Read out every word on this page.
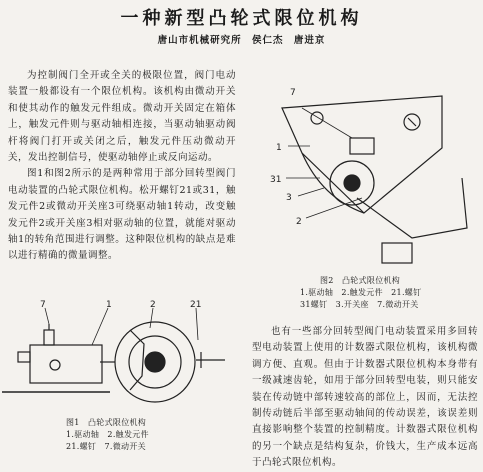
一种新型凸轮式限位机构
唐山市机械研究所 侯仁杰 唐进京

为控制阀门全开或全关的极限位置，阀门电动装置一般都设有一个限位机构。该机构由微动开关和使其动作的触发元件组成。微动开关固定在箱体上，触发元件则与驱动轴相连接，当驱动轴驱动阀杆将阀门打开或关闭之后，触发元件压动微动开关，发出控制信号，使驱动轴停止或反向运动。

图1和图2所示的是两种常用于部分回转型阀门电动装置的凸轮式限位机构。松开螺钉21或31，触发元件2或微动开关座3可绕驱动轴1转动，改变触发元件2或开关座3相对驱动轴的位置，就能对驱动轴1的转角范围进行调整。这种限位机构的缺点是难以进行精确的微量调整。

7	1	2	21
图1　凸轮式限位机构
1.驱动轴　2.触发元件
21.螺钉　7.微动开关
7
1
31
3
2
图2　凸轮式限位机构
1.驱动轴　2.触发元件　21.螺钉
31螺钉　3.开关座　7.微动开关

也有一些部分回转型阀门电动装置采用多回转型电动装置上使用的计数器式限位机构，该机构微调方便、直观。但由于计数器式限位机构本身带有一级减速齿轮，如用于部分回转型电装，则只能安装在传动链中部转速较高的部位上，因而，无法控制传动链后半部至驱动轴间的传动误差，该误差则直接影响整个装置的控制精度。计数器式限位机构的另一个缺点是结构复杂，价钱大，生产成本远高于凸轮式限位机构。
